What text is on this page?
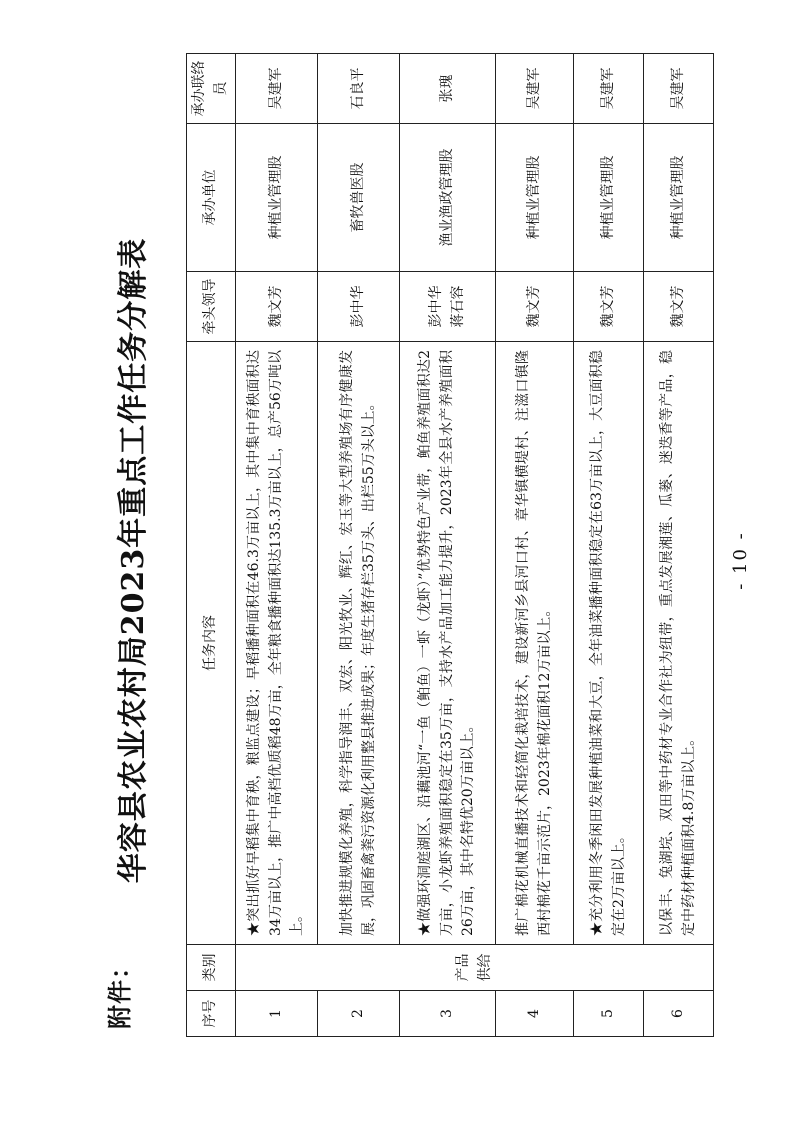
附件：
华容县农业农村局2023年重点工作任务分解表
序号	类别	任务内容	牵头领导	承办单位	承办联络员
1	产品供给	★突出抓好早稻集中育秧，粮监点建设；早稻播种面积在46.3万亩以上，其中集中育秧面积达34万亩以上，推广中高档优质稻48万亩，全年粮食播种面积达135.3万亩以上，总产56万吨以上。	魏文芳	种植业管理股	吴建军
2		加快推进规模化养殖，科学指导润丰、双宏、阳光牧业、辉红、宏玉等大型养殖场有序健康发展，巩固畜禽粪污资源化利用整县推进成果；年度生猪存栏35万头、出栏55万头以上。	彭中华	畜牧兽医股	石良平
3		★做强环洞庭湖区、沿藕池河“一鱼（鲌鱼）一虾（龙虾）”优势特色产业带，鲌鱼养殖面积达2万亩，小龙虾养殖面积稳定在35万亩，支持水产品加工能力提升，2023年全县水产养殖面积26万亩，其中名特优20万亩以上。	彭中华 蒋石容	渔业渔政管理股	张瑰
4		推广棉花机械直播技术和轻简化栽培技术，建设新河乡县河口村、章华镇横堤村、注滋口镇隆西村棉花千亩示范片，2023年棉花面积12万亩以上。	魏文芳	种植业管理股	吴建军
5		★充分利用冬季闲田发展种植油菜和大豆，全年油菜播种面积稳定在63万亩以上，大豆面积稳定在2万亩以上。	魏文芳	种植业管理股	吴建军
6		以保丰、兔湖垸、双田等中药材专业合作社为纽带，重点发展湘莲、瓜蒌、迷迭香等产品，稳定中药材种植面积4.8万亩以上。	魏文芳	种植业管理股	吴建军
- 10 -
